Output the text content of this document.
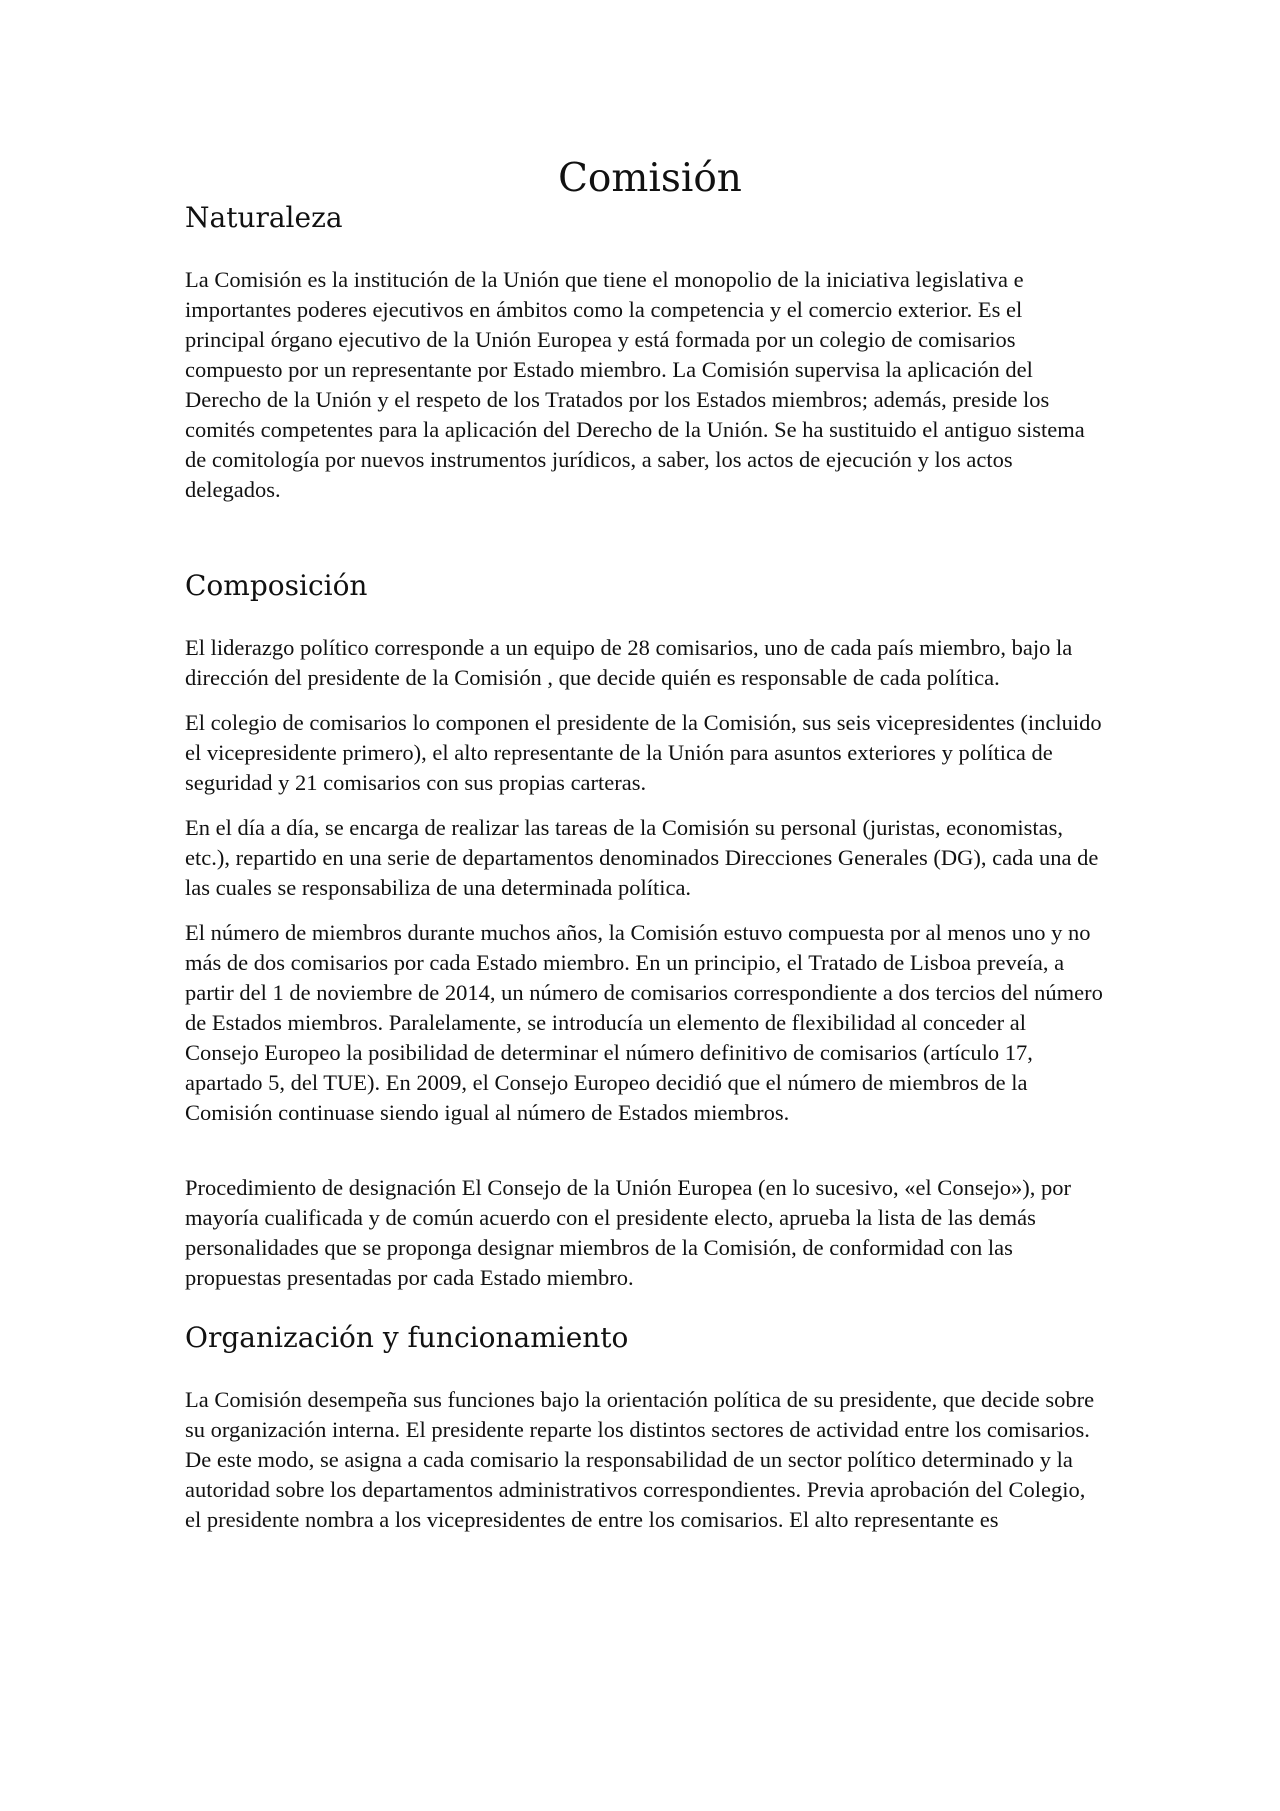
Comisión
Naturaleza

La Comisión es la institución de la Unión que tiene el monopolio de la iniciativa legislativa e importantes poderes ejecutivos en ámbitos como la competencia y el comercio exterior. Es el principal órgano ejecutivo de la Unión Europea y está formada por un colegio de comisarios compuesto por un representante por Estado miembro. La Comisión supervisa la aplicación del Derecho de la Unión y el respeto de los Tratados por los Estados miembros; además, preside los comités competentes para la aplicación del Derecho de la Unión. Se ha sustituido el antiguo sistema de comitología por nuevos instrumentos jurídicos, a saber, los actos de ejecución y los actos delegados.

Composición

El liderazgo político corresponde a un equipo de 28 comisarios, uno de cada país miembro, bajo la dirección del presidente de la Comisión , que decide quién es responsable de cada política.

El colegio de comisarios lo componen el presidente de la Comisión, sus seis vicepresidentes (incluido el vicepresidente primero), el alto representante de la Unión para asuntos exteriores y política de seguridad y 21 comisarios con sus propias carteras.

En el día a día, se encarga de realizar las tareas de la Comisión su personal (juristas, economistas, etc.), repartido en una serie de departamentos denominados Direcciones Generales (DG), cada una de las cuales se responsabiliza de una determinada política.

El número de miembros durante muchos años, la Comisión estuvo compuesta por al menos uno y no más de dos comisarios por cada Estado miembro. En un principio, el Tratado de Lisboa preveía, a partir del 1 de noviembre de 2014, un número de comisarios correspondiente a dos tercios del número de Estados miembros. Paralelamente, se introducía un elemento de flexibilidad al conceder al Consejo Europeo la posibilidad de determinar el número definitivo de comisarios (artículo 17, apartado 5, del TUE). En 2009, el Consejo Europeo decidió que el número de miembros de la Comisión continuase siendo igual al número de Estados miembros.

Procedimiento de designación El Consejo de la Unión Europea (en lo sucesivo, «el Consejo»), por mayoría cualificada y de común acuerdo con el presidente electo, aprueba la lista de las demás personalidades que se proponga designar miembros de la Comisión, de conformidad con las propuestas presentadas por cada Estado miembro.

Organización y funcionamiento

La Comisión desempeña sus funciones bajo la orientación política de su presidente, que decide sobre su organización interna. El presidente reparte los distintos sectores de actividad entre los comisarios. De este modo, se asigna a cada comisario la responsabilidad de un sector político determinado y la autoridad sobre los departamentos administrativos correspondientes. Previa aprobación del Colegio, el presidente nombra a los vicepresidentes de entre los comisarios. El alto representante es
